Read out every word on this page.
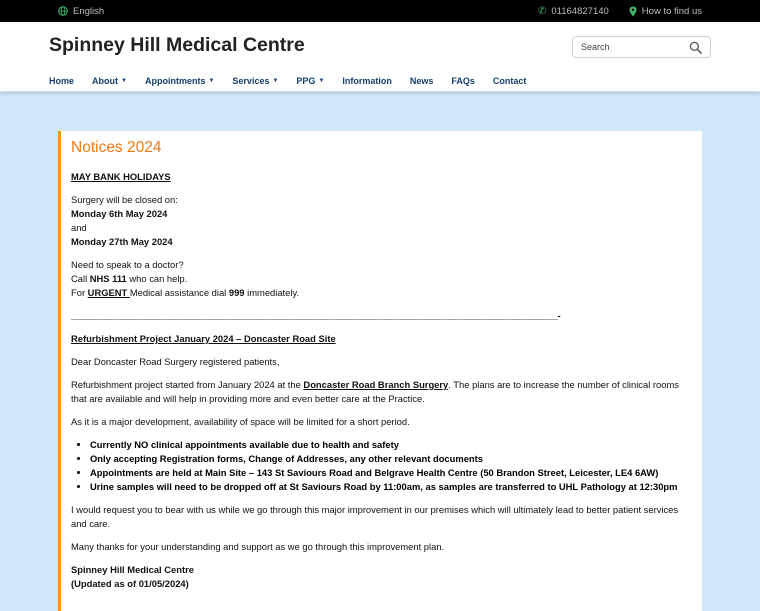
English	✆ 01164827140	How to find us
Spinney Hill Medical Centre
Search
Home About ▼ Appointments ▼ Services ▼ PPG ▼ Information News FAQs Contact
Notices 2024

MAY BANK HOLIDAYS

Surgery will be closed on:

Monday 6th May 2024

and

Monday 27th May 2024

Need to speak to a doctor?

Call NHS 111 who can help.

For URGENT Medical assistance dial 999 immediately.

___________________________________________________________________________________________________-

Refurbishment Project January 2024 – Doncaster Road Site

Dear Doncaster Road Surgery registered patients,

Refurbishment project started from January 2024 at the Doncaster Road Branch Surgery. The plans are to increase the number of clinical rooms that are available and will help in providing more and even better care at the Practice.

As it is a major development, availability of space will be limited for a short period.

• Currently NO clinical appointments available due to health and safety
• Only accepting Registration forms, Change of Addresses, any other relevant documents
• Appointments are held at Main Site – 143 St Saviours Road and Belgrave Health Centre (50 Brandon Street, Leicester, LE4 6AW)
• Urine samples will need to be dropped off at St Saviours Road by 11:00am, as samples are transferred to UHL Pathology at 12:30pm

I would request you to bear with us while we go through this major improvement in our premises which will ultimately lead to better patient services and care.

Many thanks for your understanding and support as we go through this improvement plan.

Spinney Hill Medical Centre

(Updated as of 01/05/2024)
